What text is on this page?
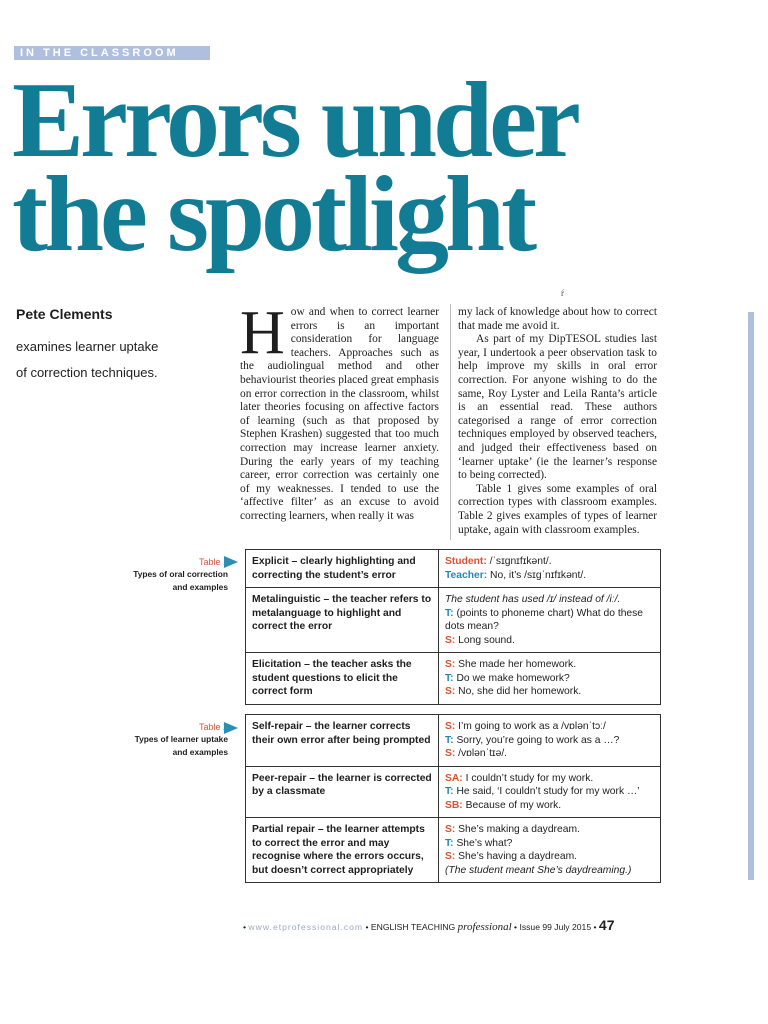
IN THE CLASSROOM
Errors under
the spotlight
ŕ

Pete Clements

examines learner uptake

of correction techniques.

How and when to correct learner errors is an important consideration for language teachers. Approaches such as the audiolingual method and other behaviourist theories placed great emphasis on error correction in the classroom, whilst later theories focusing on affective factors of learning (such as that proposed by Stephen Krashen) suggested that too much correction may increase learner anxiety. During the early years of my teaching career, error correction was certainly one of my weaknesses. I tended to use the ‘affective filter’ as an excuse to avoid correcting learners, when really it was

my lack of knowledge about how to correct that made me avoid it.

As part of my DipTESOL studies last year, I undertook a peer observation task to help improve my skills in oral error correction. For anyone wishing to do the same, Roy Lyster and Leila Ranta’s article is an essential read. These authors categorised a range of error correction techniques employed by observed teachers, and judged their effectiveness based on ‘learner uptake’ (ie the learner’s response to being corrected).

Table 1 gives some examples of oral correction types with classroom examples. Table 2 gives examples of types of learner uptake, again with classroom examples.

Table 1
Types of oral correction
and examples
Explicit – clearly highlighting and correcting the student’s error	Student: /ˈsɪgnɪfɪkənt/.
Teacher: No, it’s /sɪgˈnɪfɪkənt/.

Metalinguistic – the teacher refers to metalanguage to highlight and correct the error	The student has used /ɪ/ instead of /iː/.
T: (points to phoneme chart) What do these dots mean?
S: Long sound.

Elicitation – the teacher asks the student questions to elicit the correct form	S: She made her homework.
T: Do we make homework?
S: No, she did her homework.
Table 2
Types of learner uptake
and examples
Self-repair – the learner corrects their own error after being prompted	S: I’m going to work as a /vɒlənˈtɔː/
T: Sorry, you’re going to work as a …?
S: /vɒlənˈtɪə/.

Peer-repair – the learner is corrected by a classmate	SA: I couldn’t study for my work.
T: He said, ‘I couldn’t study for my work …’
SB: Because of my work.

Partial repair – the learner attempts to correct the error and may recognise where the errors occurs, but doesn’t correct appropriately	S: She’s making a daydream.
T: She’s what?
S: She’s having a daydream.
(The student meant She’s daydreaming.)
• www.etprofessional.com • ENGLISH TEACHING professional • Issue 99 July 2015 • 47
